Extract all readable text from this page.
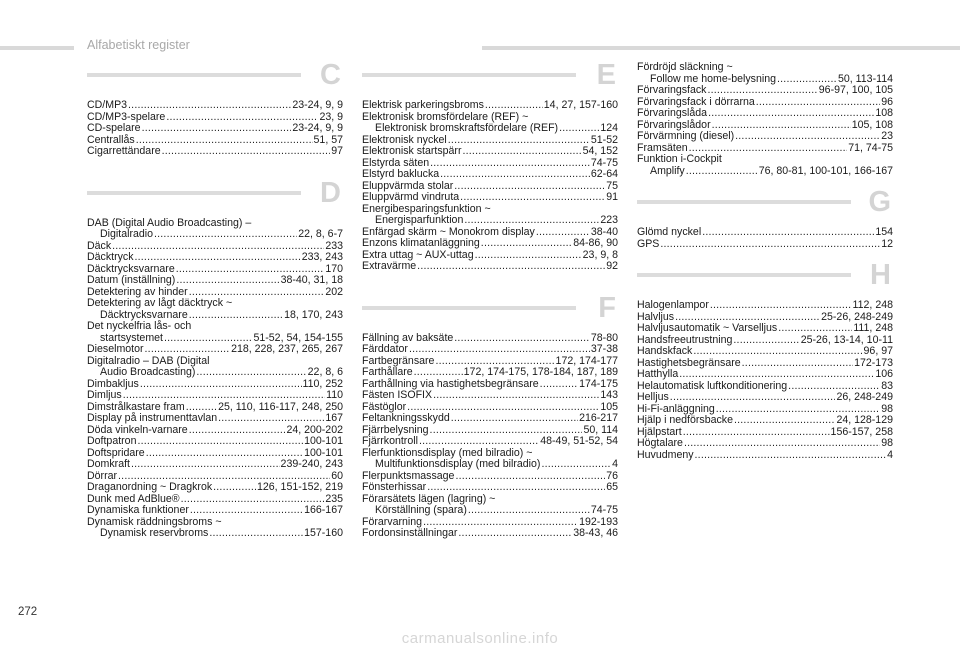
Alfabetiskt register
C
CD/MP3 .....	23-24, 9, 9
CD/MP3-spelare .....	23, 9
CD-spelare .....	23-24, 9, 9
Centrallås .....	51, 57
Cigarrettändare .....	97
D
DAB (Digital Audio Broadcasting) –
Digitalradio .....	22, 8, 6-7
Däck .....	233
Däcktryck .....	233, 243
Däcktrycksvarnare .....	170
Datum (inställning) .....	38-40, 31, 18
Detektering av hinder .....	202
Detektering av lågt däcktryck ~
Däcktrycksvarnare .....	18, 170, 243
Det nyckelfria lås- och
startsystemet .....	51-52, 54, 154-155
Dieselmotor .....	218, 228, 237, 265, 267
Digitalradio – DAB (Digital
Audio Broadcasting) .....	22, 8, 6
Dimbakljus .....	110, 252
Dimljus .....	110
Dimstrålkastare fram .....	25, 110, 116-117, 248, 250
Display på instrumenttavlan .....	167
Döda vinkeln-varnare .....	24, 200-202
Doftpatron .....	100-101
Doftspridare .....	100-101
Domkraft .....	239-240, 243
Dörrar .....	60
Draganordning ~ Dragkrok .....	126, 151-152, 219
Dunk med AdBlue® .....	235
Dynamiska funktioner .....	166-167
Dynamisk räddningsbroms ~
Dynamisk reservbroms .....	157-160
E
Elektrisk parkeringsbroms .....	14, 27, 157-160
Elektronisk bromsfördelare (REF) ~
Elektronisk bromskraftsfördelare (REF) .....	124
Elektronisk nyckel .....	51-52
Elektronisk startspärr .....	54, 152
Elstyrda säten .....	74-75
Elstyrd baklucka .....	62-64
Eluppvärmda stolar .....	75
Eluppvärmd vindruta .....	91
Energibesparingsfunktion ~
Energisparfunktion .....	223
Enfärgad skärm ~ Monokrom display .....	38-40
Enzons klimatanläggning .....	84-86, 90
Extra uttag ~ AUX-uttag .....	23, 9, 8
Extravärme .....	92
F
Fällning av baksäte .....	78-80
Färddator .....	37-38
Fartbegränsare .....	172, 174-177
Farthållare .....	172, 174-175, 178-184, 187, 189
Farthållning via hastighetsbegränsare .....	174-175
Fästen ISOFIX .....	143
Fästöglor .....	105
Feltankningsskydd .....	216-217
Fjärrbelysning .....	50, 114
Fjärrkontroll .....	48-49, 51-52, 54
Flerfunktionsdisplay (med bilradio) ~
Multifunktionsdisplay (med bilradio) .....	4
Flerpunktsmassage .....	76
Fönsterhissar .....	65
Förarsätets lägen (lagring) ~
Körställning (spara) .....	74-75
Förarvarning .....	192-193
Fordonsinställningar .....	38-43, 46
Fördröjd släckning ~
Follow me home-belysning .....	50, 113-114
Förvaringsfack .....	96-97, 100, 105
Förvaringsfack i dörrarna .....	96
Förvaringslåda .....	108
Förvaringslådor .....	105, 108
Förvärmning (diesel) .....	23
Framsäten .....	71, 74-75
Funktion i-Cockpit
Amplify .....	76, 80-81, 100-101, 166-167
G
Glömd nyckel .....	154
GPS .....	12
H
Halogenlampor .....	112, 248
Halvljus .....	25-26, 248-249
Halvljusautomatik ~ Varselljus .....	111, 248
Handsfreeutrustning .....	25-26, 13-14, 10-11
Handskfack .....	96, 97
Hastighetsbegränsare .....	172-173
Hatthylla .....	106
Helautomatisk luftkonditionering .....	83
Helljus .....	26, 248-249
Hi-Fi-anläggning .....	98
Hjälp i nedförsbacke .....	24, 128-129
Hjälpstart .....	156-157, 258
Högtalare .....	98
Huvudmeny .....	4
272
carmanualsonline.info
